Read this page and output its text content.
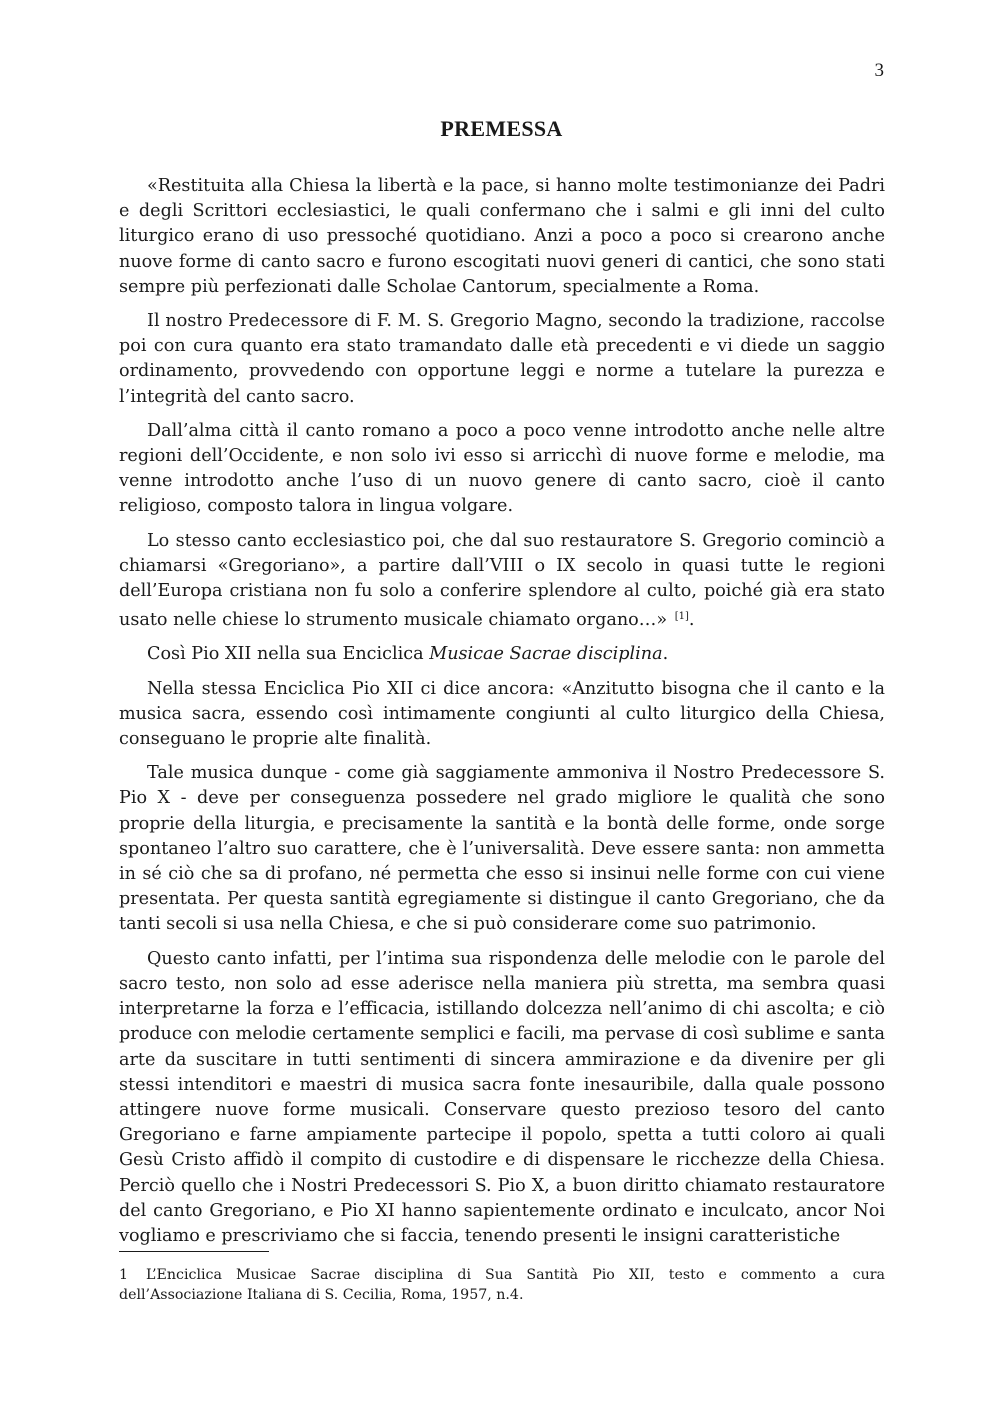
3
PREMESSA

«Restituita alla Chiesa la libertà e la pace, si hanno molte testimonianze dei Padri e degli Scrittori ecclesiastici, le quali confermano che i salmi e gli inni del culto liturgico erano di uso pressoché quotidiano. Anzi a poco a poco si crearono anche nuove forme di canto sacro e furono escogitati nuovi generi di cantici, che sono stati sempre più perfezionati dalle Scholae Cantorum, specialmente a Roma.

Il nostro Predecessore di F. M. S. Gregorio Magno, secondo la tradizione, raccolse poi con cura quanto era stato tramandato dalle età precedenti e vi diede un saggio ordinamento, provvedendo con opportune leggi e norme a tutelare la purezza e l’integrità del canto sacro.

Dall’alma città il canto romano a poco a poco venne introdotto anche nelle altre regioni dell’Occidente, e non solo ivi esso si arricchì di nuove forme e melodie, ma venne introdotto anche l’uso di un nuovo genere di canto sacro, cioè il canto religioso, composto talora in lingua volgare.

Lo stesso canto ecclesiastico poi, che dal suo restauratore S. Gregorio cominciò a chiamarsi «Gregoriano», a partire dall’VIII o IX secolo in quasi tutte le regioni dell’Europa cristiana non fu solo a conferire splendore al culto, poiché già era stato usato nelle chiese lo strumento musicale chiamato organo…» [1].

Così Pio XII nella sua Enciclica Musicae Sacrae disciplina.

Nella stessa Enciclica Pio XII ci dice ancora: «Anzitutto bisogna che il canto e la musica sacra, essendo così intimamente congiunti al culto liturgico della Chiesa, conseguano le proprie alte finalità.

Tale musica dunque - come già saggiamente ammoniva il Nostro Predecessore S. Pio X - deve per conseguenza possedere nel grado migliore le qualità che sono proprie della liturgia, e precisamente la santità e la bontà delle forme, onde sorge spontaneo l’altro suo carattere, che è l’universalità. Deve essere santa: non ammetta in sé ciò che sa di profano, né permetta che esso si insinui nelle forme con cui viene presentata. Per questa santità egregiamente si distingue il canto Gregoriano, che da tanti secoli si usa nella Chiesa, e che si può considerare come suo patrimonio.

Questo canto infatti, per l’intima sua rispondenza delle melodie con le parole del sacro testo, non solo ad esse aderisce nella maniera più stretta, ma sembra quasi interpretarne la forza e l’efficacia, istillando dolcezza nell’animo di chi ascolta; e ciò produce con melodie certamente semplici e facili, ma pervase di così sublime e santa arte da suscitare in tutti sentimenti di sincera ammirazione e da divenire per gli stessi intenditori e maestri di musica sacra fonte inesauribile, dalla quale possono attingere nuove forme musicali. Conservare questo prezioso tesoro del canto Gregoriano e farne ampiamente partecipe il popolo, spetta a tutti coloro ai quali Gesù Cristo affidò il compito di custodire e di dispensare le ricchezze della Chiesa. Perciò quello che i Nostri Predecessori S. Pio X, a buon diritto chiamato restauratore del canto Gregoriano, e Pio XI hanno sapientemente ordinato e inculcato, ancor Noi vogliamo e prescriviamo che si faccia, tenendo presenti le insigni caratteristiche

1 L’Enciclica Musicae Sacrae disciplina di Sua Santità Pio XII, testo e commento a cura dell’Associazione Italiana di S. Cecilia, Roma, 1957, n.4.
